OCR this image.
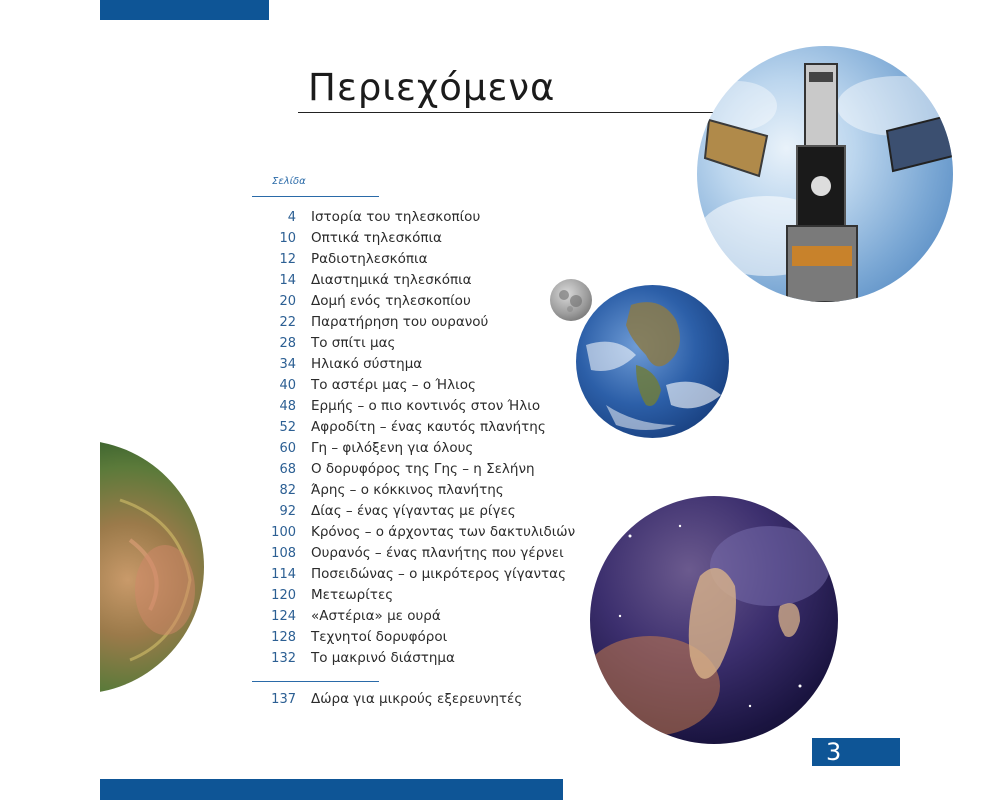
Περιεχόμενα
Σελίδα
4 Ιστορία του τηλεσκοπίου
10 Οπτικά τηλεσκόπια
12 Ραδιοτηλεσκόπια
14 Διαστημικά τηλεσκόπια
20 Δομή ενός τηλεσκοπίου
22 Παρατήρηση του ουρανού
28 Το σπίτι μας
34 Ηλιακό σύστημα
40 Το αστέρι μας – ο Ήλιος
48 Ερμής – ο πιο κοντινός στον Ήλιο
52 Αφροδίτη – ένας καυτός πλανήτης
60 Γη – φιλόξενη για όλους
68 Ο δορυφόρος της Γης – η Σελήνη
82 Άρης – ο κόκκινος πλανήτης
92 Δίας – ένας γίγαντας με ρίγες
100 Κρόνος – ο άρχοντας των δακτυλιδιών
108 Ουρανός – ένας πλανήτης που γέρνει
114 Ποσειδώνας – ο μικρότερος γίγαντας
120 Μετεωρίτες
124 «Αστέρια» με ουρά
128 Τεχνητοί δορυφόροι
132 Το μακρινό διάστημα
137 Δώρα για μικρούς εξερευνητές
3
